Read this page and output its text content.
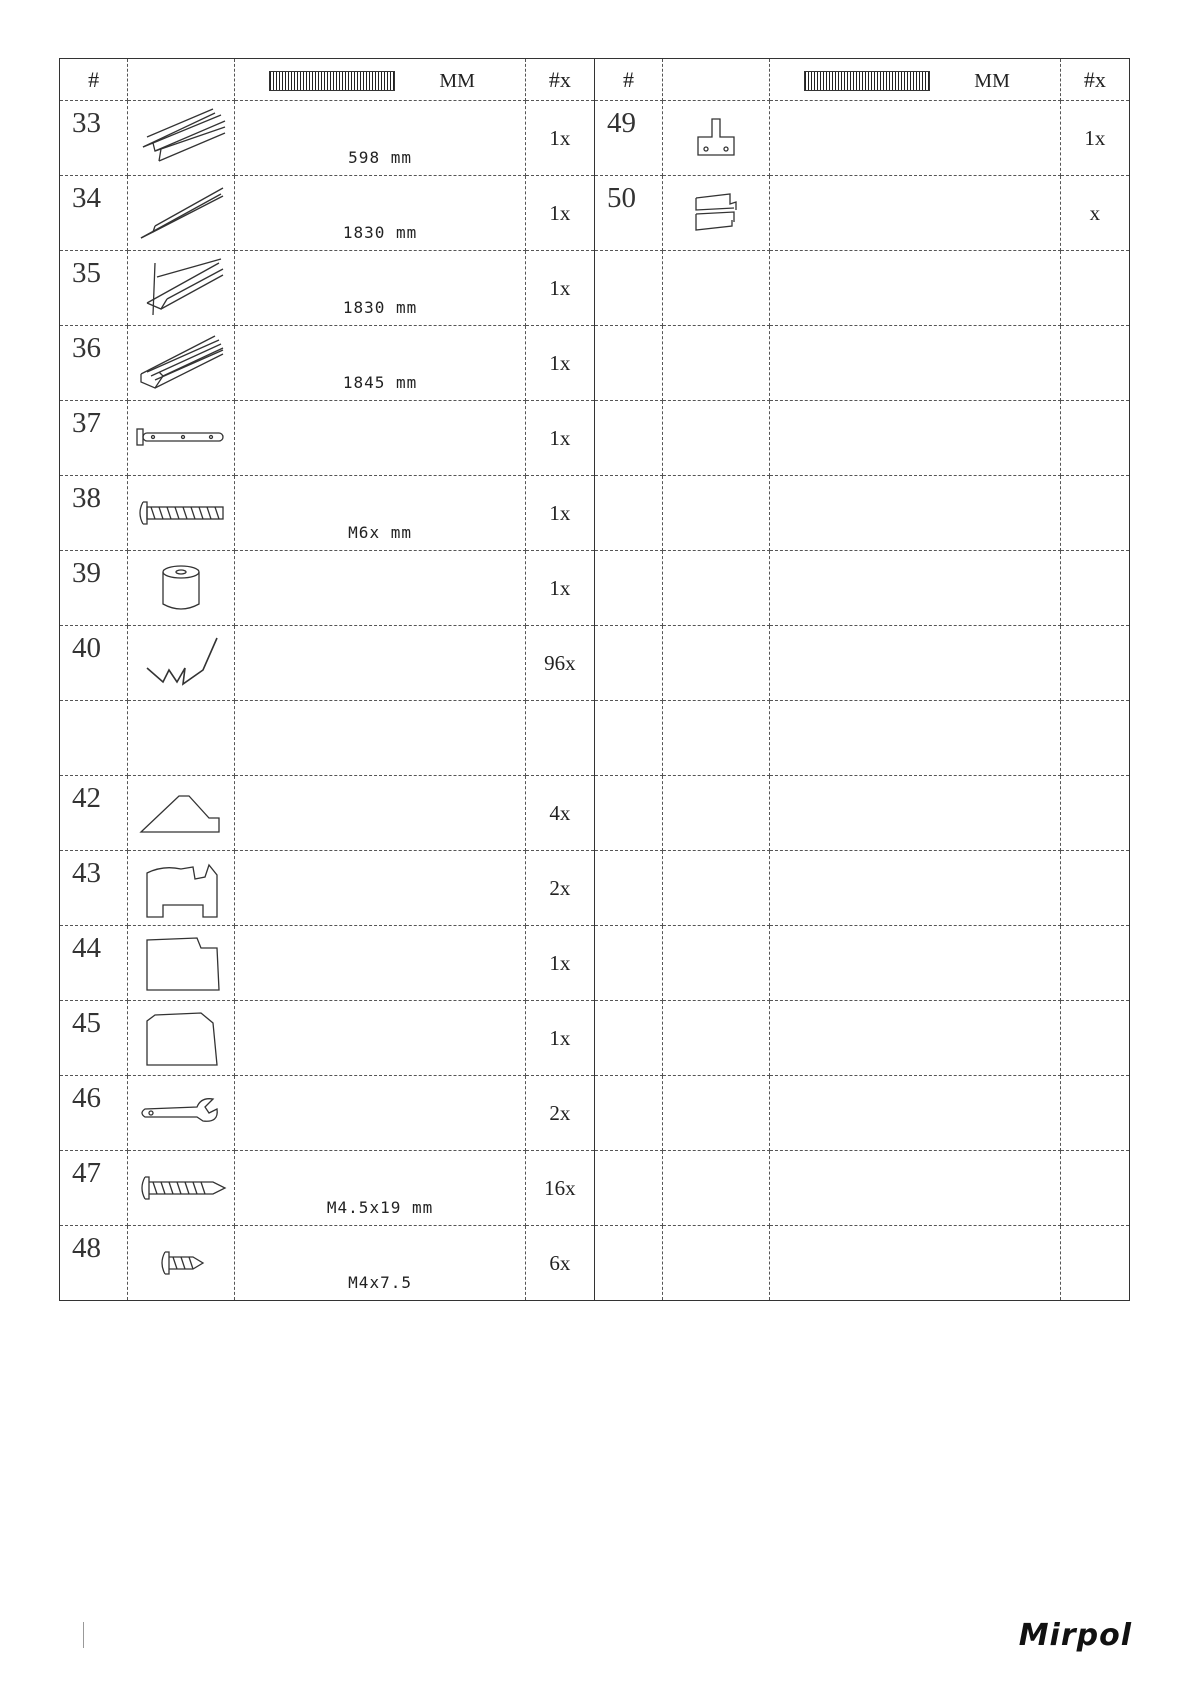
#		MM	#x	#		MM	#x
33		598 mm	1x	49			1x
34		1830 mm	1x	50			x
35		1830 mm	1x				
36		1845 mm	1x				
37			1x				
38		M6x mm	1x				
39			1x				
40			96x				

42			4x				
43			2x				
44			1x				
45			1x				
46			2x				
47		M4.5x19 mm	16x				
48		M4x7.5	6x				
Mirpol
